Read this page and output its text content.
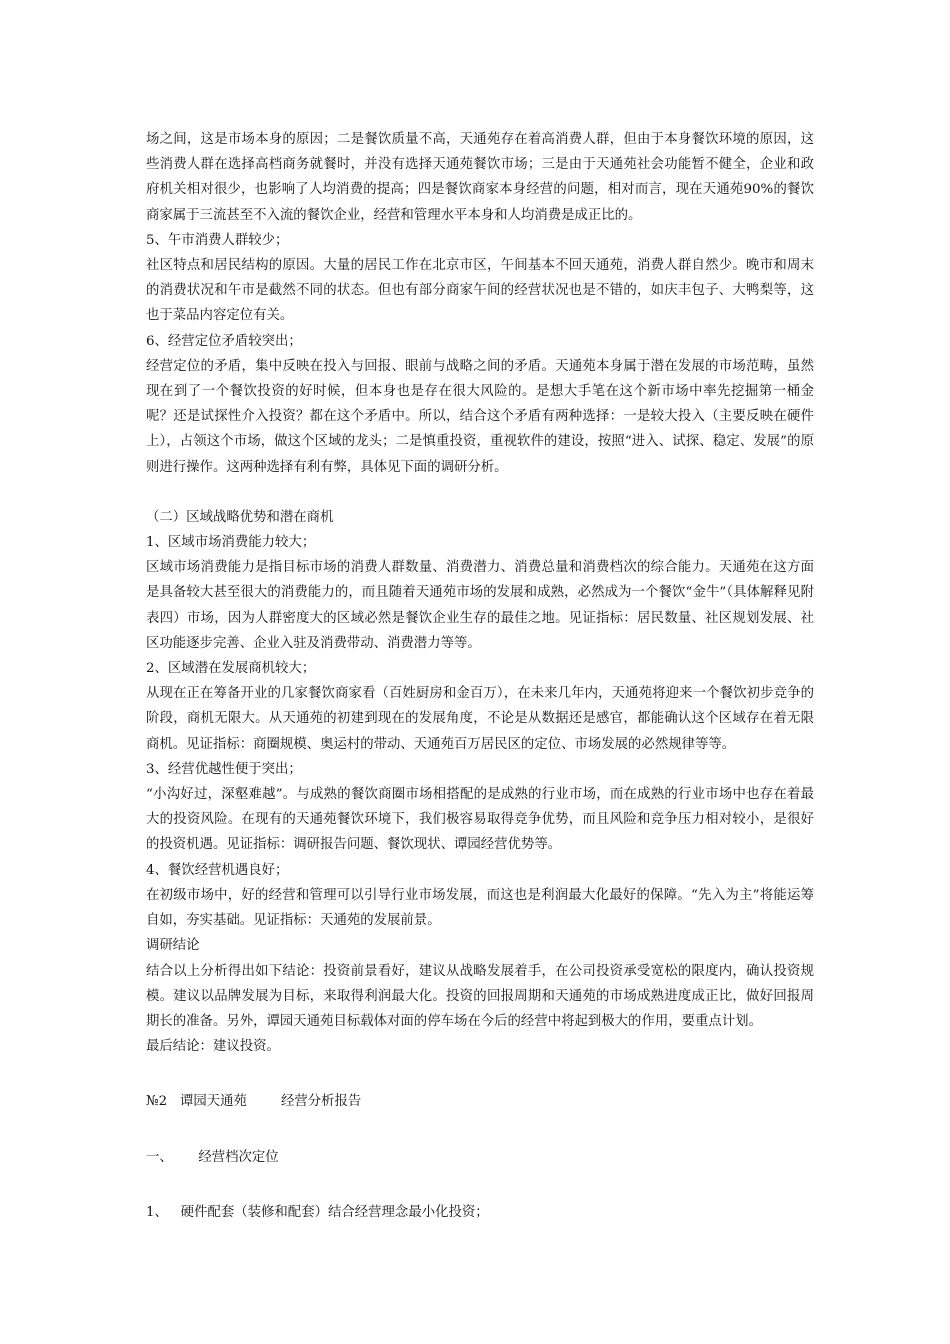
场之间，这是市场本身的原因；二是餐饮质量不高，天通苑存在着高消费人群，但由于本身餐饮环境的原因，这些消费人群在选择高档商务就餐时，并没有选择天通苑餐饮市场；三是由于天通苑社会功能暂不健全，企业和政府机关相对很少，也影响了人均消费的提高；四是餐饮商家本身经营的问题，相对而言，现在天通苑90%的餐饮商家属于三流甚至不入流的餐饮企业，经营和管理水平本身和人均消费是成正比的。

5、午市消费人群较少；

社区特点和居民结构的原因。大量的居民工作在北京市区，午间基本不回天通苑，消费人群自然少。晚市和周末的消费状况和午市是截然不同的状态。但也有部分商家午间的经营状况也是不错的，如庆丰包子、大鸭梨等，这也于菜品内容定位有关。

6、经营定位矛盾较突出；

经营定位的矛盾，集中反映在投入与回报、眼前与战略之间的矛盾。天通苑本身属于潜在发展的市场范畴，虽然现在到了一个餐饮投资的好时候，但本身也是存在很大风险的。是想大手笔在这个新市场中率先挖掘第一桶金呢？还是试探性介入投资？都在这个矛盾中。所以，结合这个矛盾有两种选择：一是较大投入（主要反映在硬件上），占领这个市场，做这个区域的龙头；二是慎重投资，重视软件的建设，按照“进入、试探、稳定、发展”的原则进行操作。这两种选择有利有弊，具体见下面的调研分析。

（二）区域战略优势和潜在商机

1、区域市场消费能力较大；

区域市场消费能力是指目标市场的消费人群数量、消费潜力、消费总量和消费档次的综合能力。天通苑在这方面是具备较大甚至很大的消费能力的，而且随着天通苑市场的发展和成熟，必然成为一个餐饮“金牛”（具体解释见附表四）市场，因为人群密度大的区域必然是餐饮企业生存的最佳之地。见证指标：居民数量、社区规划发展、社区功能逐步完善、企业入驻及消费带动、消费潜力等等。

2、区域潜在发展商机较大；

从现在正在筹备开业的几家餐饮商家看（百姓厨房和金百万），在未来几年内，天通苑将迎来一个餐饮初步竞争的阶段，商机无限大。从天通苑的初建到现在的发展角度，不论是从数据还是感官，都能确认这个区域存在着无限商机。见证指标：商圈规模、奥运村的带动、天通苑百万居民区的定位、市场发展的必然规律等等。

3、经营优越性便于突出；

“小沟好过，深壑难越”。与成熟的餐饮商圈市场相搭配的是成熟的行业市场，而在成熟的行业市场中也存在着最大的投资风险。在现有的天通苑餐饮环境下，我们极容易取得竞争优势，而且风险和竞争压力相对较小，是很好的投资机遇。见证指标：调研报告问题、餐饮现状、谭园经营优势等。

4、餐饮经营机遇良好；

在初级市场中，好的经营和管理可以引导行业市场发展，而这也是利润最大化最好的保障。“先入为主”将能运筹自如，夯实基础。见证指标：天通苑的发展前景。

调研结论

结合以上分析得出如下结论：投资前景看好，建议从战略发展着手，在公司投资承受宽松的限度内，确认投资规模。建议以品牌发展为目标，来取得利润最大化。投资的回报周期和天通苑的市场成熟进度成正比，做好回报周期长的准备。另外，谭园天通苑目标载体对面的停车场在今后的经营中将起到极大的作用，要重点计划。

最后结论：建议投资。

№2   谭园天通苑        经营分析报告

一、      经营档次定位

1、   硬件配套（装修和配套）结合经营理念最小化投资；
